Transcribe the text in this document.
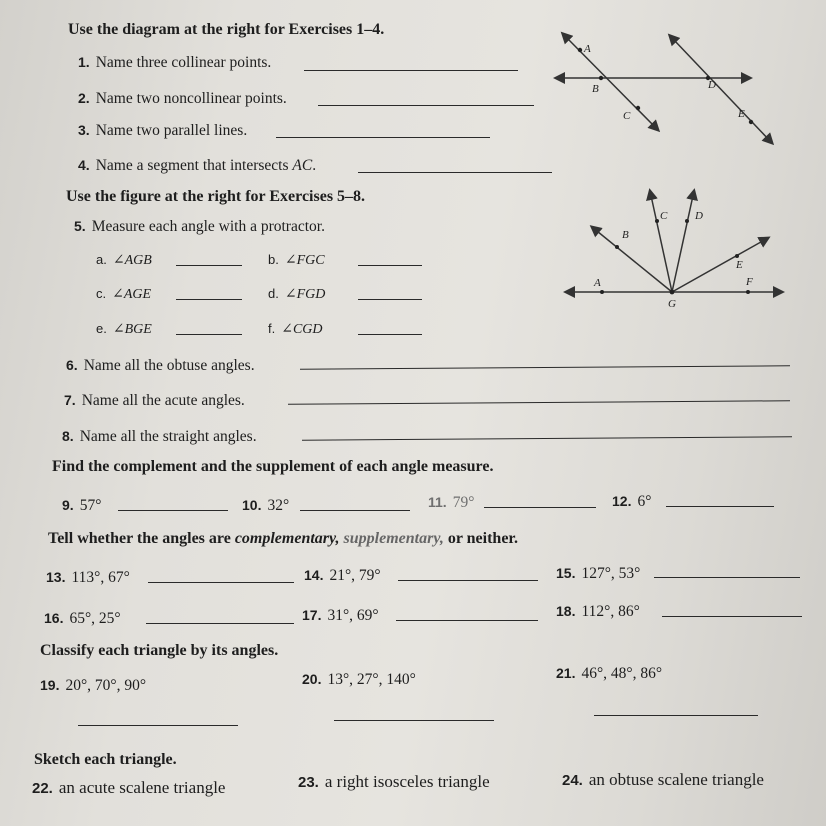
Use the diagram at the right for Exercises 1–4.
1. Name three collinear points.
2. Name two noncollinear points.
3. Name two parallel lines.
4. Name a segment that intersects AC.
A
B
C
D
E
Use the figure at the right for Exercises 5–8.
5. Measure each angle with a protractor.
a. ∠AGB	b. ∠FGC
c. ∠AGE	d. ∠FGD
e. ∠BGE	f. ∠CGD
A
B
C	D
E
F
G
6. Name all the obtuse angles.
7. Name all the acute angles.
8. Name all the straight angles.
Find the complement and the supplement of each angle measure.
9. 57°	10. 32°	11. 79°	12. 6°
Tell whether the angles are complementary, supplementary, or neither.
13. 113°, 67°	14. 21°, 79°	15. 127°, 53°
16. 65°, 25°	17. 31°, 69°	18. 112°, 86°
Classify each triangle by its angles.
19. 20°, 70°, 90°	20. 13°, 27°, 140°	21. 46°, 48°, 86°
Sketch each triangle.
22. an acute scalene triangle	23. a right isosceles triangle	24. an obtuse scalene triangle
